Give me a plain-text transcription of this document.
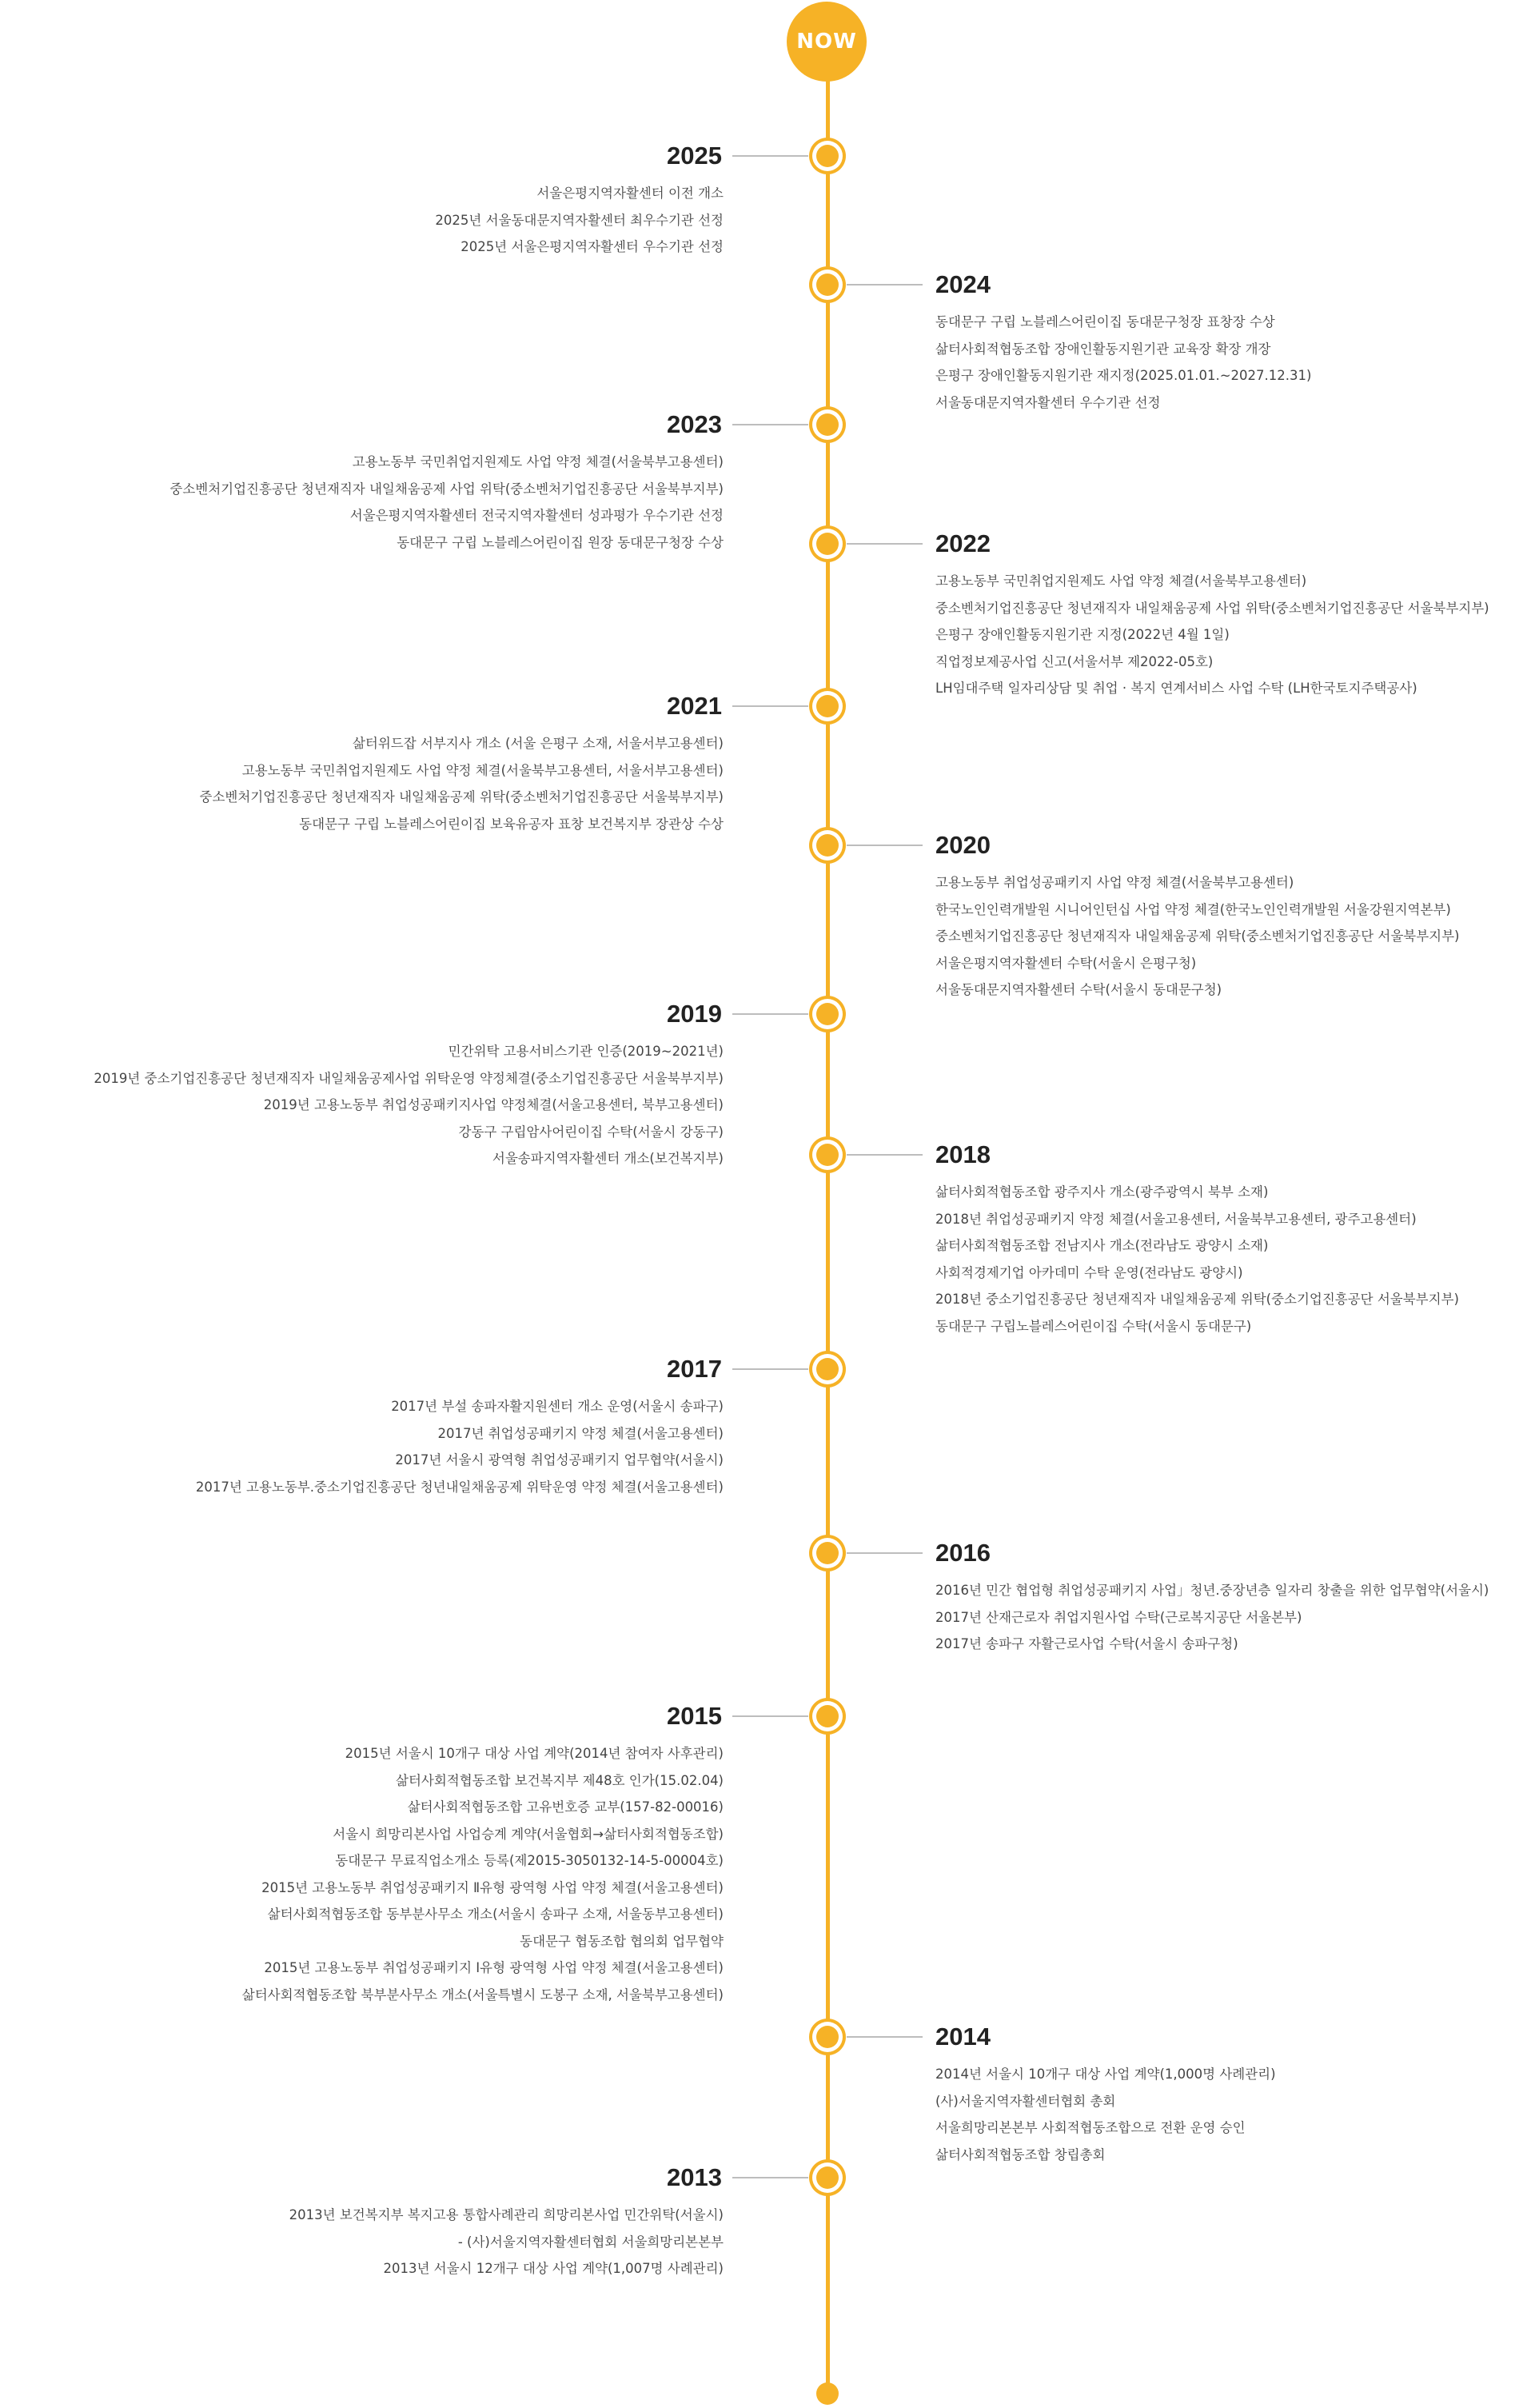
NOW
2025
서울은평지역자활센터 이전 개소
2025년 서울동대문지역자활센터 최우수기관 선정
2025년 서울은평지역자활센터 우수기관 선정
2024
동대문구 구립 노블레스어린이집 동대문구청장 표창장 수상
삶터사회적협동조합 장애인활동지원기관 교육장 확장 개장
은평구 장애인활동지원기관 재지정(2025.01.01.~2027.12.31)
서울동대문지역자활센터 우수기관 선정
2023
고용노동부 국민취업지원제도 사업 약정 체결(서울북부고용센터)
중소벤처기업진흥공단 청년재직자 내일채움공제 사업 위탁(중소벤처기업진흥공단 서울북부지부)
서울은평지역자활센터 전국지역자활센터 성과평가 우수기관 선정
동대문구 구립 노블레스어린이집 원장 동대문구청장 수상	2022
고용노동부 국민취업지원제도 사업 약정 체결(서울북부고용센터)
중소벤처기업진흥공단 청년재직자 내일채움공제 사업 위탁(중소벤처기업진흥공단 서울북부지부)
은평구 장애인활동지원기관 지정(2022년 4월 1일)
직업정보제공사업 신고(서울서부 제2022-05호)
LH임대주택 일자리상담 및 취업 · 복지 연계서비스 사업 수탁 (LH한국토지주택공사)
2021
삶터위드잡 서부지사 개소 (서울 은평구 소재, 서울서부고용센터)
고용노동부 국민취업지원제도 사업 약정 체결(서울북부고용센터, 서울서부고용센터)
중소벤처기업진흥공단 청년재직자 내일채움공제 위탁(중소벤처기업진흥공단 서울북부지부)
동대문구 구립 노블레스어린이집 보육유공자 표창 보건복지부 장관상 수상
2020
고용노동부 취업성공패키지 사업 약정 체결(서울북부고용센터)
한국노인인력개발원 시니어인턴십 사업 약정 체결(한국노인인력개발원 서울강원지역본부)
중소벤처기업진흥공단 청년재직자 내일채움공제 위탁(중소벤처기업진흥공단 서울북부지부)
서울은평지역자활센터 수탁(서울시 은평구청)
서울동대문지역자활센터 수탁(서울시 동대문구청)
2019
민간위탁 고용서비스기관 인증(2019~2021년)
2019년 중소기업진흥공단 청년재직자 내일채움공제사업 위탁운영 약정체결(중소기업진흥공단 서울북부지부)
2019년 고용노동부 취업성공패키지사업 약정체결(서울고용센터, 북부고용센터)
강동구 구립암사어린이집 수탁(서울시 강동구)
서울송파지역자활센터 개소(보건복지부)	2018
삶터사회적협동조합 광주지사 개소(광주광역시 북부 소재)
2018년 취업성공패키지 약정 체결(서울고용센터, 서울북부고용센터, 광주고용센터)
삶터사회적협동조합 전남지사 개소(전라남도 광양시 소재)
사회적경제기업 아카데미 수탁 운영(전라남도 광양시)
2018년 중소기업진흥공단 청년재직자 내일채움공제 위탁(중소기업진흥공단 서울북부지부)
동대문구 구립노블레스어린이집 수탁(서울시 동대문구)
2017
2017년 부설 송파자활지원센터 개소 운영(서울시 송파구)
2017년 취업성공패키지 약정 체결(서울고용센터)
2017년 서울시 광역형 취업성공패키지 업무협약(서울시)
2017년 고용노동부.중소기업진흥공단 청년내일채움공제 위탁운영 약정 체결(서울고용센터)
2016
2016년 민간 협업형 취업성공패키지 사업」청년.중장년층 일자리 창출을 위한 업무협약(서울시)
2017년 산재근로자 취업지원사업 수탁(근로복지공단 서울본부)
2017년 송파구 자활근로사업 수탁(서울시 송파구청)
2015
2015년 서울시 10개구 대상 사업 계약(2014년 참여자 사후관리)
삶터사회적협동조합 보건복지부 제48호 인가(15.02.04)
삶터사회적협동조합 고유번호증 교부(157-82-00016)
서울시 희망리본사업 사업승계 계약(서울협회→삶터사회적협동조합)
동대문구 무료직업소개소 등록(제2015-3050132-14-5-00004호)
2015년 고용노동부 취업성공패키지 Ⅱ유형 광역형 사업 약정 체결(서울고용센터)
삶터사회적협동조합 동부분사무소 개소(서울시 송파구 소재, 서울동부고용센터)
동대문구 협동조합 협의회 업무협약
2015년 고용노동부 취업성공패키지 Ⅰ유형 광역형 사업 약정 체결(서울고용센터)
삶터사회적협동조합 북부분사무소 개소(서울특별시 도봉구 소재, 서울북부고용센터)
2014
2014년 서울시 10개구 대상 사업 계약(1,000명 사례관리)
(사)서울지역자활센터협회 총회
서울희망리본본부 사회적협동조합으로 전환 운영 승인
삶터사회적협동조합 창립총회
2013
2013년 보건복지부 복지고용 통합사례관리 희망리본사업 민간위탁(서울시)
- (사)서울지역자활센터협회 서울희망리본본부
2013년 서울시 12개구 대상 사업 계약(1,007명 사례관리)
